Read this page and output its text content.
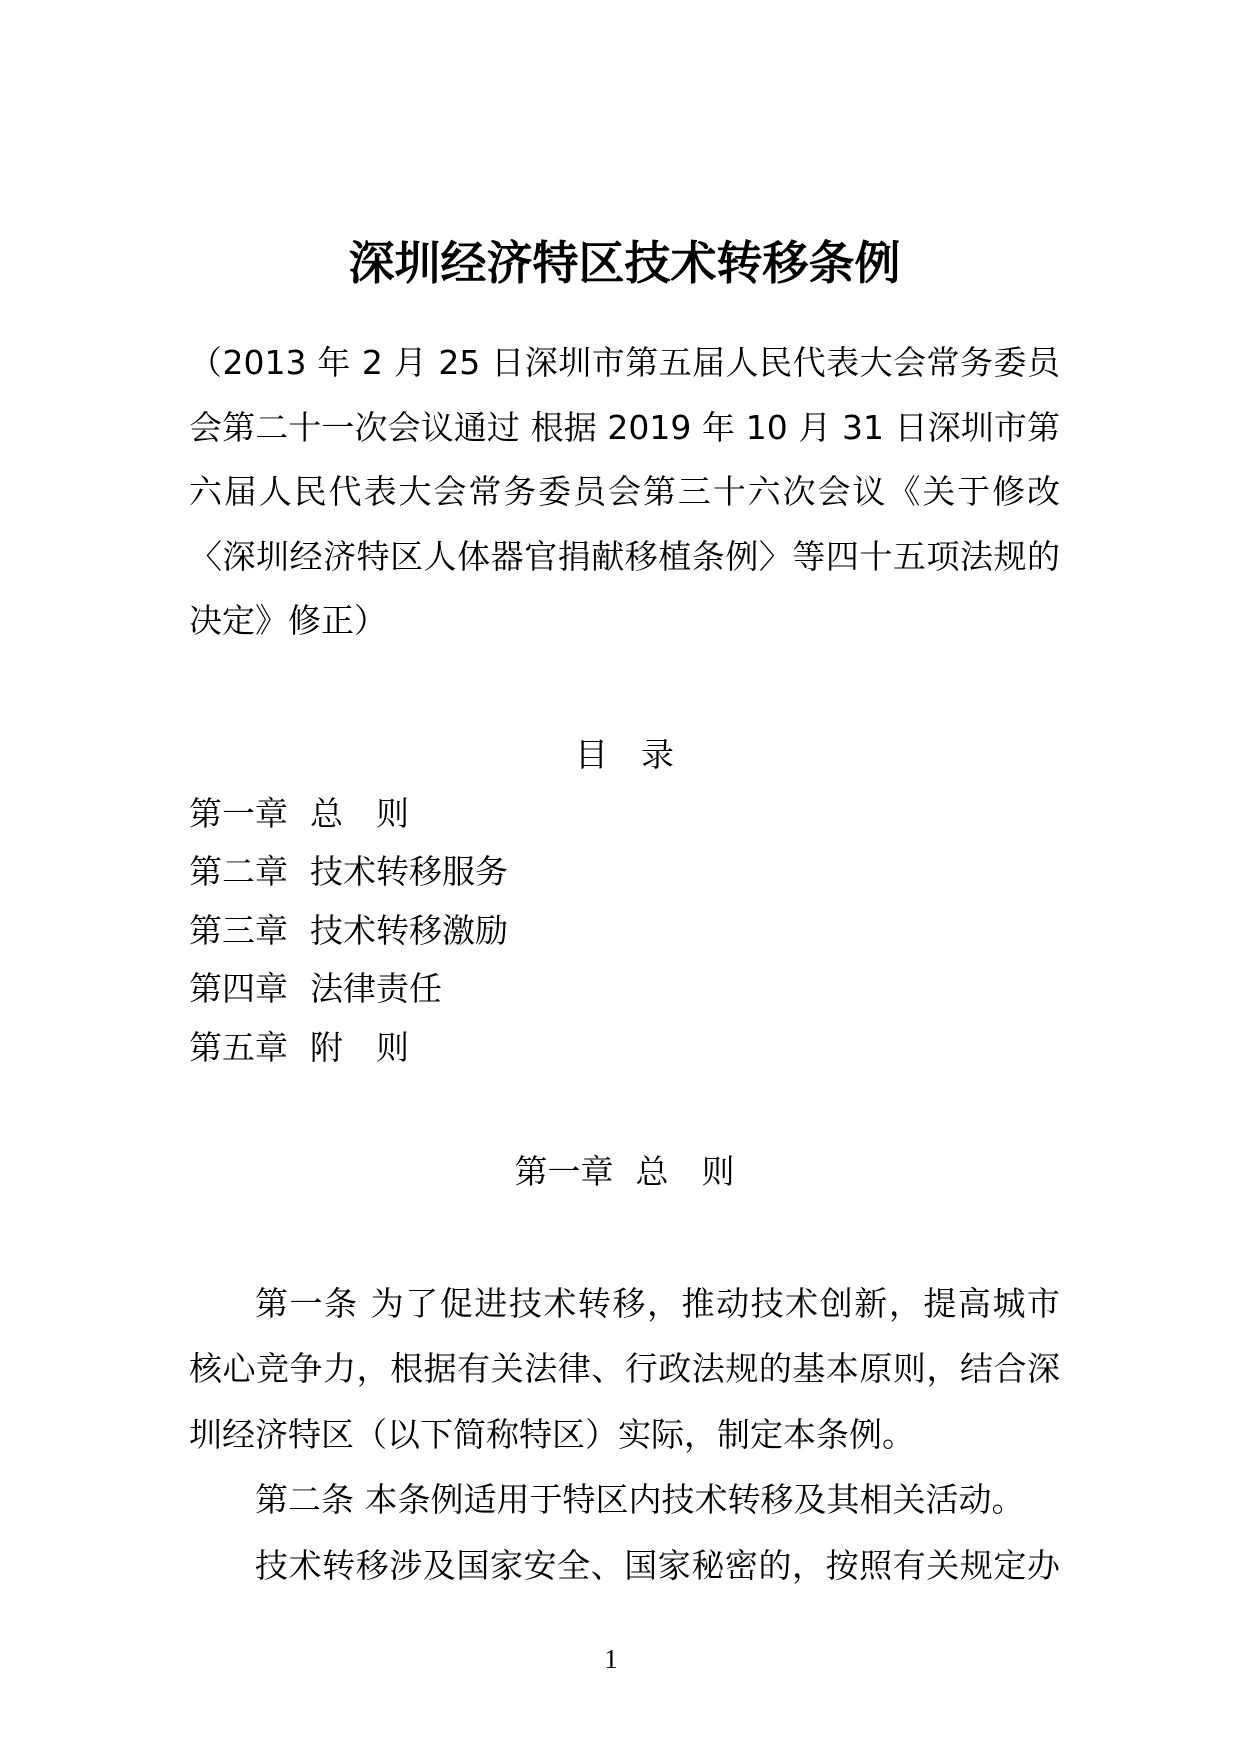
深圳经济特区技术转移条例
（2013 年 2 月 25 日深圳市第五届人民代表大会常务委员
会第二十一次会议通过 根据 2019 年 10 月 31 日深圳市第
六届人民代表大会常务委员会第三十六次会议《关于修改
〈深圳经济特区人体器官捐献移植条例〉等四十五项法规的
决定》修正）
目　录
第一章 总　则
第二章 技术转移服务
第三章 技术转移激励
第四章 法律责任
第五章 附　则
第一章 总　则
第一条 为了促进技术转移，推动技术创新，提高城市
核心竞争力，根据有关法律、行政法规的基本原则，结合深
圳经济特区（以下简称特区）实际，制定本条例。
第二条 本条例适用于特区内技术转移及其相关活动。
技术转移涉及国家安全、国家秘密的，按照有关规定办
1
